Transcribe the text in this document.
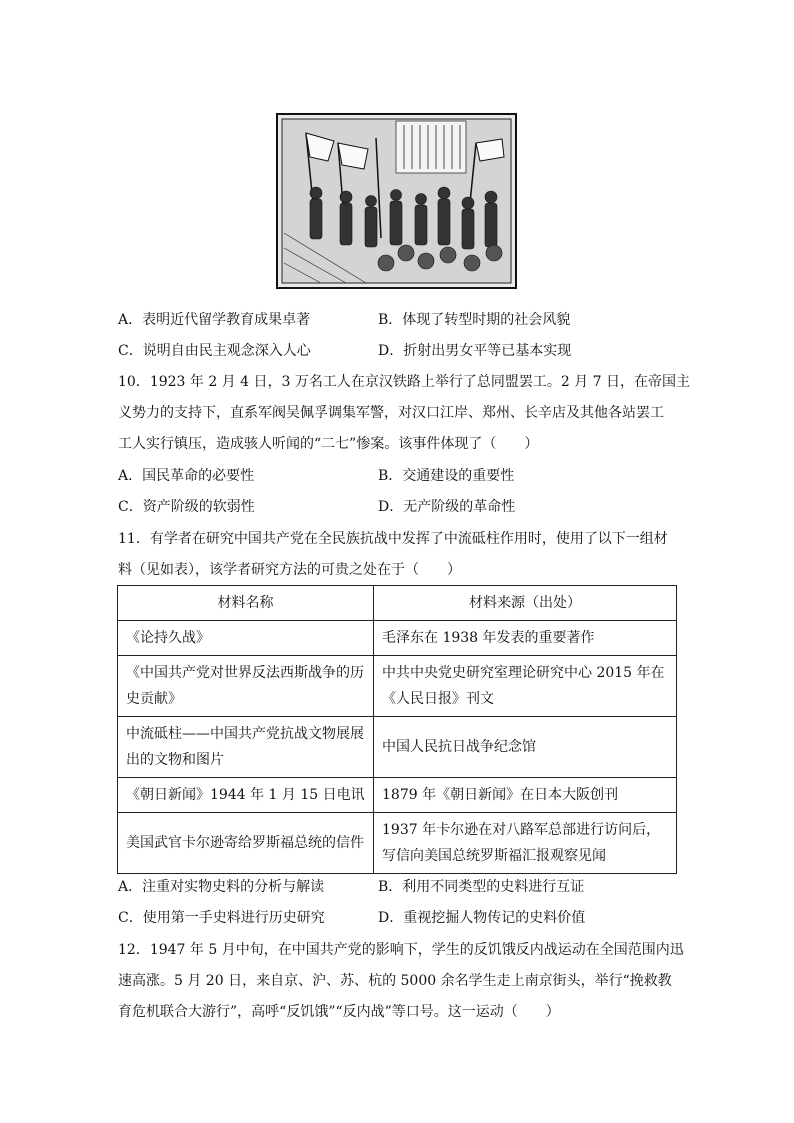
A．表明近代留学教育成果卓著	B．体现了转型时期的社会风貌
C．说明自由民主观念深入人心	D．折射出男女平等已基本实现
10．1923 年 2 月 4 日，3 万名工人在京汉铁路上举行了总同盟罢工。2 月 7 日，在帝国主
义势力的支持下，直系军阀吴佩孚调集军警，对汉口江岸、郑州、长辛店及其他各站罢工
工人实行镇压，造成骇人听闻的“二七”惨案。该事件体现了（　　）
A．国民革命的必要性	B．交通建设的重要性
C．资产阶级的软弱性	D．无产阶级的革命性
11．有学者在研究中国共产党在全民族抗战中发挥了中流砥柱作用时，使用了以下一组材
料（见如表），该学者研究方法的可贵之处在于（　　）
材料名称	材料来源（出处）
《论持久战》	毛泽东在 1938 年发表的重要著作
《中国共产党对世界反法西斯战争的历史贡献》	中共中央党史研究室理论研究中心 2015 年在《人民日报》刊文
中流砥柱——中国共产党抗战文物展展出的文物和图片	中国人民抗日战争纪念馆
《朝日新闻》1944 年 1 月 15 日电讯	1879 年《朝日新闻》在日本大阪创刊
美国武官卡尔逊寄给罗斯福总统的信件	1937 年卡尔逊在对八路军总部进行访问后，写信向美国总统罗斯福汇报观察见闻
A．注重对实物史料的分析与解读	B．利用不同类型的史料进行互证
C．使用第一手史料进行历史研究	D．重视挖掘人物传记的史料价值
12．1947 年 5 月中旬，在中国共产党的影响下，学生的反饥饿反内战运动在全国范围内迅
速高涨。5 月 20 日，来自京、沪、苏、杭的 5000 余名学生走上南京街头，举行“挽救教
育危机联合大游行”，高呼“反饥饿”“反内战”等口号。这一运动（　　）
